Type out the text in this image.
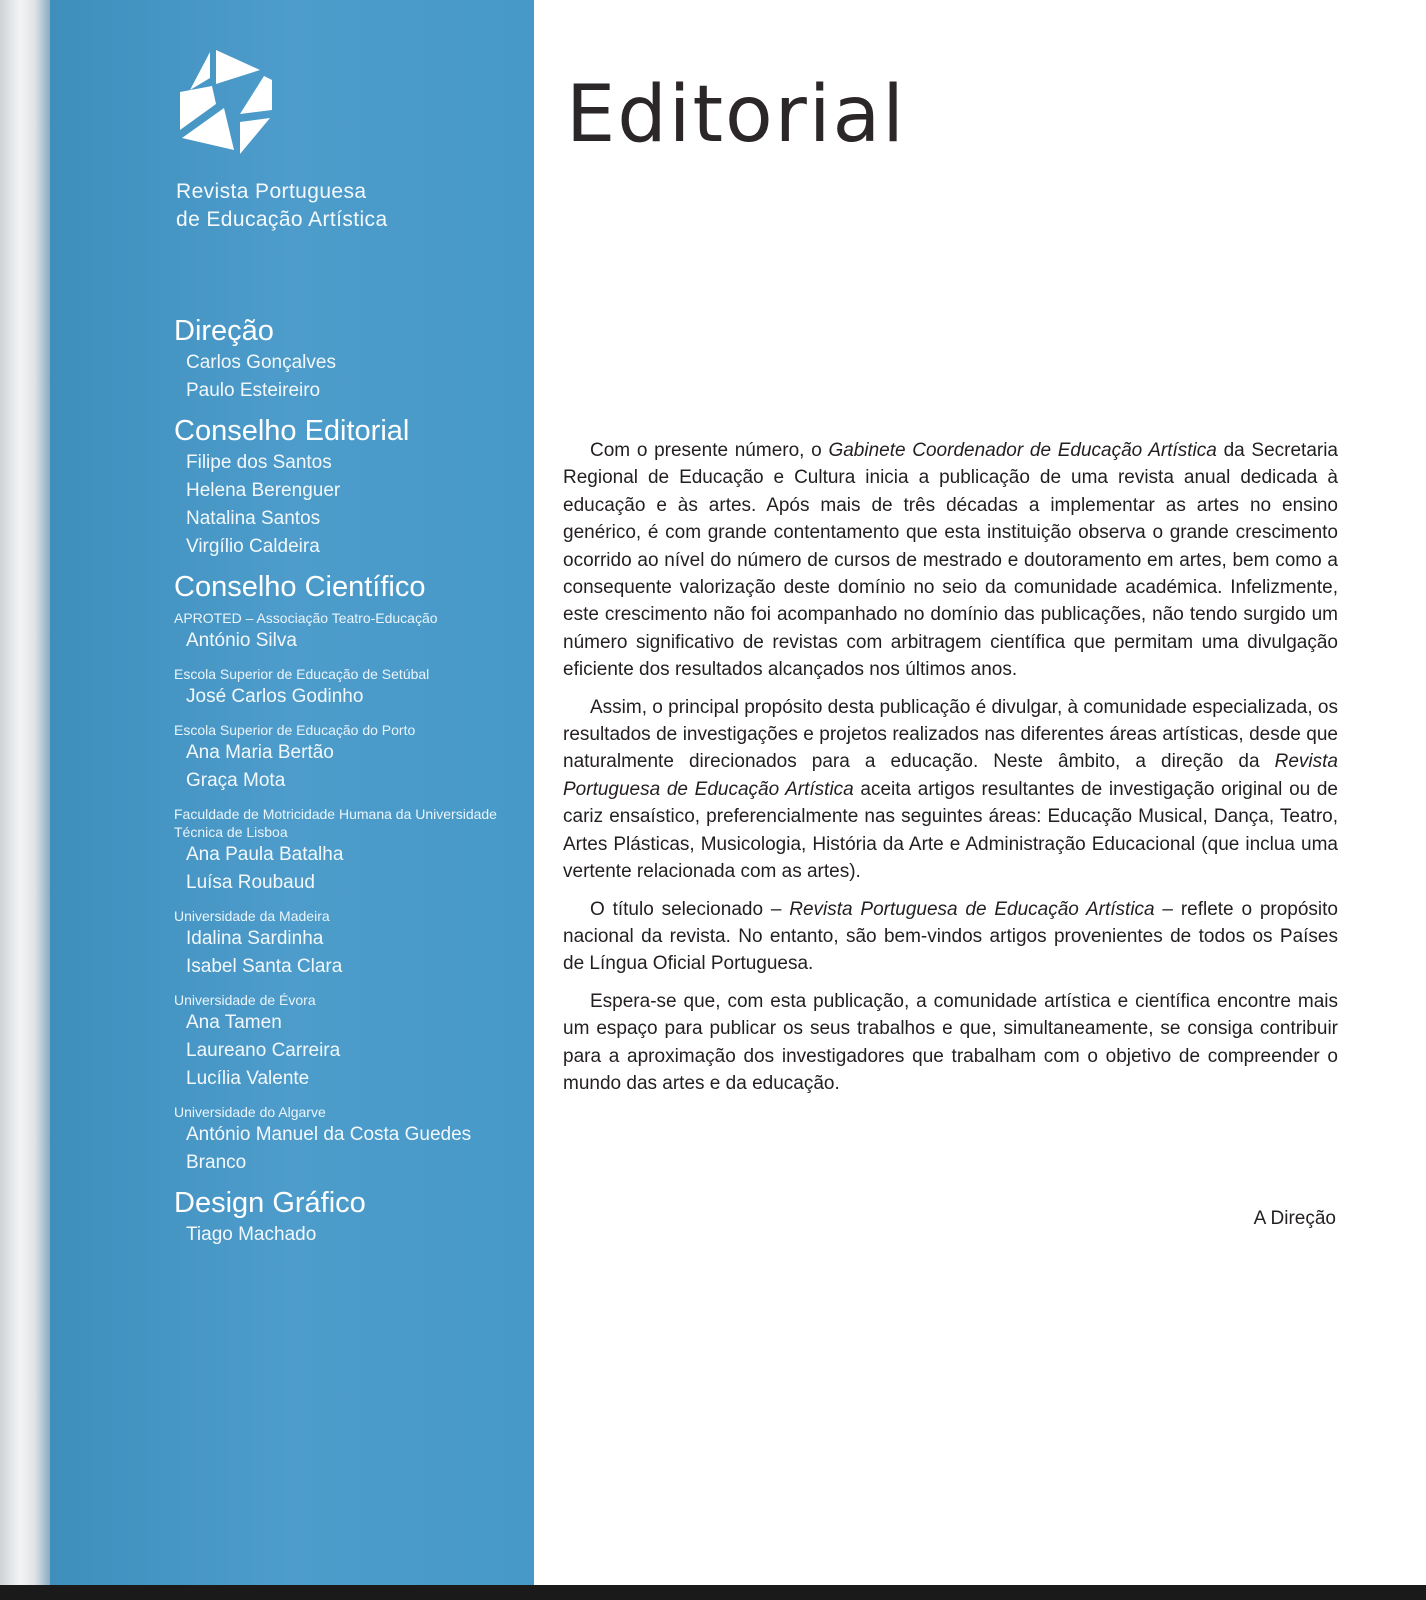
Revista Portuguesa
de Educação Artística
Direção
Carlos Gonçalves
Paulo Esteireiro
Conselho Editorial
Filipe dos Santos
Helena Berenguer
Natalina Santos
Virgílio Caldeira
Conselho Científico
APROTED – Associação Teatro-Educação
António Silva
Escola Superior de Educação de Setúbal
José Carlos Godinho
Escola Superior de Educação do Porto
Ana Maria Bertão
Graça Mota
Faculdade de Motricidade Humana da Universidade Técnica de Lisboa
Ana Paula Batalha
Luísa Roubaud
Universidade da Madeira
Idalina Sardinha
Isabel Santa Clara
Universidade de Évora
Ana Tamen
Laureano Carreira
Lucília Valente
Universidade do Algarve
António Manuel da Costa Guedes Branco
Design Gráfico
Tiago Machado
Editorial

Com o presente número, o Gabinete Coordenador de Educação Artística da Secretaria Regional de Educação e Cultura inicia a publicação de uma revista anual dedicada à educação e às artes. Após mais de três décadas a implementar as artes no ensino genérico, é com grande contentamento que esta instituição observa o grande crescimento ocorrido ao nível do número de cursos de mestrado e doutoramento em artes, bem como a consequente valorização deste domínio no seio da comunidade académica. Infelizmente, este crescimento não foi acompanhado no domínio das publicações, não tendo surgido um número significativo de revistas com arbitragem científica que permitam uma divulgação eficiente dos resultados alcançados nos últimos anos.

Assim, o principal propósito desta publicação é divulgar, à comunidade especializada, os resultados de investigações e projetos realizados nas diferentes áreas artísticas, desde que naturalmente direcionados para a educação. Neste âmbito, a direção da Revista Portuguesa de Educação Artística aceita artigos resultantes de investigação original ou de cariz ensaístico, preferencialmente nas seguintes áreas: Educação Musical, Dança, Teatro, Artes Plásticas, Musicologia, História da Arte e Administração Educacional (que inclua uma vertente relacionada com as artes).

O título selecionado – Revista Portuguesa de Educação Artística – reflete o propósito nacional da revista. No entanto, são bem-vindos artigos provenientes de todos os Países de Língua Oficial Portuguesa.

Espera-se que, com esta publicação, a comunidade artística e científica encontre mais um espaço para publicar os seus trabalhos e que, simultaneamente, se consiga contribuir para a aproximação dos investigadores que trabalham com o objetivo de compreender o mundo das artes e da educação.

A Direção
